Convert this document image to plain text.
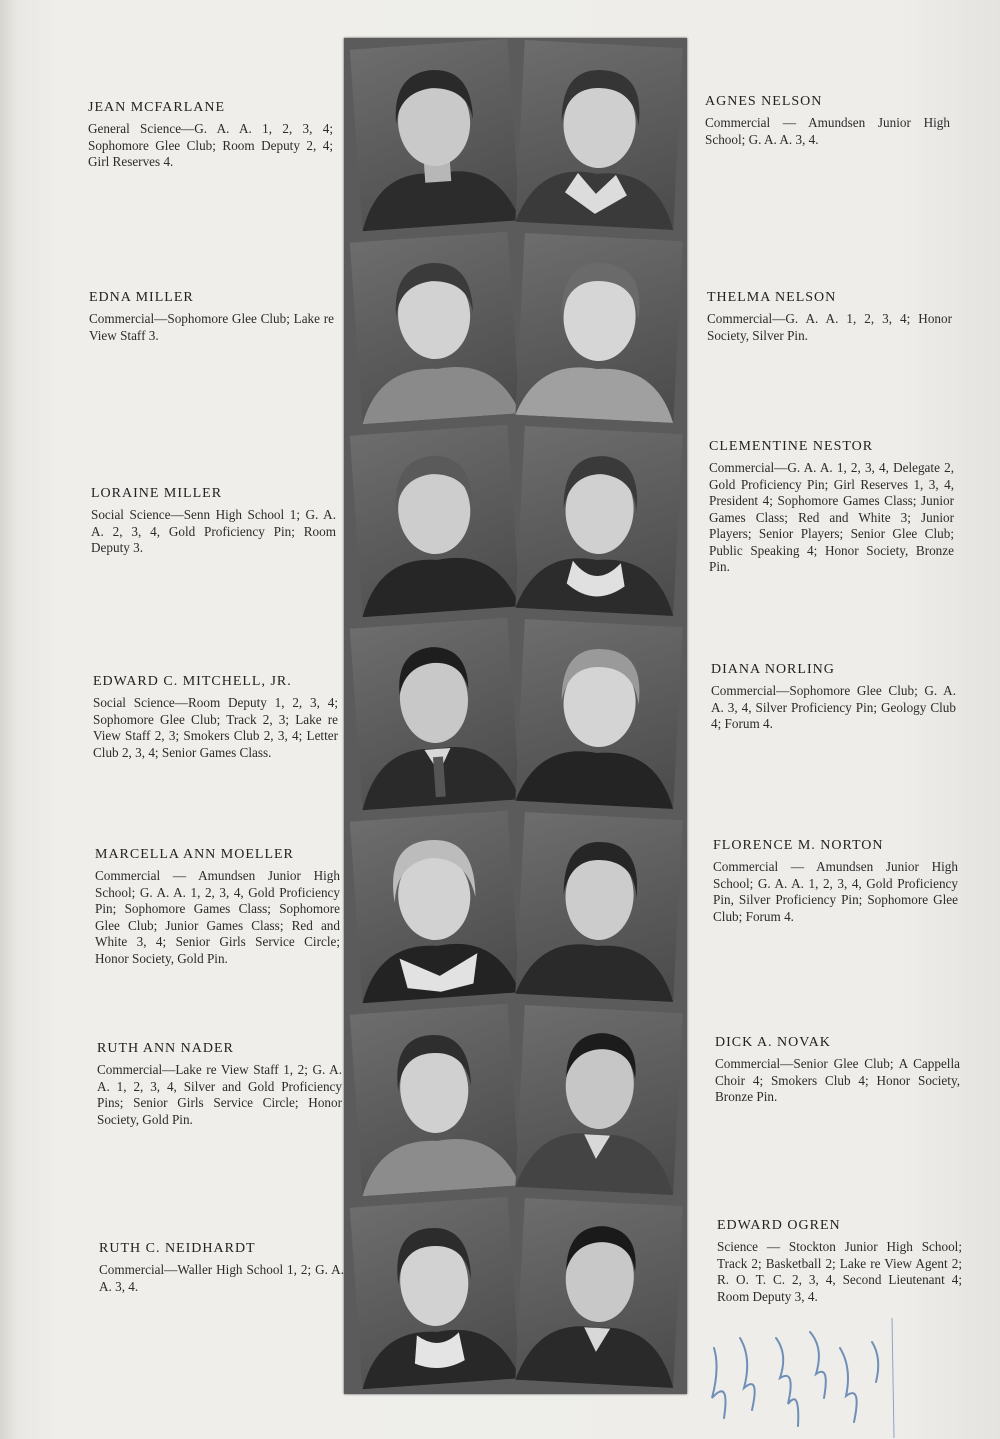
JEAN MCFARLANE

General Science—G. A. A. 1, 2, 3, 4; Sophomore Glee Club; Room Deputy 2, 4; Girl Reserves 4.

EDNA MILLER

Commercial—Sophomore Glee Club; Lake re View Staff 3.

LORAINE MILLER

Social Science—Senn High School 1; G. A. A. 2, 3, 4, Gold Proficiency Pin; Room Deputy 3.

EDWARD C. MITCHELL, JR.

Social Science—Room Deputy 1, 2, 3, 4; Sophomore Glee Club; Track 2, 3; Lake re View Staff 2, 3; Smokers Club 2, 3, 4; Letter Club 2, 3, 4; Senior Games Class.

MARCELLA ANN MOELLER

Commercial — Amundsen Junior High School; G. A. A. 1, 2, 3, 4, Gold Proficiency Pin; Sophomore Games Class; Sophomore Glee Club; Junior Games Class; Red and White 3, 4; Senior Girls Service Circle; Honor Society, Gold Pin.

RUTH ANN NADER

Commercial—Lake re View Staff 1, 2; G. A. A. 1, 2, 3, 4, Silver and Gold Proficiency Pins; Senior Girls Service Circle; Honor Society, Gold Pin.

RUTH C. NEIDHARDT

Commercial—Waller High School 1, 2; G. A. A. 3, 4.

AGNES NELSON

Commercial — Amundsen Junior High School; G. A. A. 3, 4.

THELMA NELSON

Commercial—G. A. A. 1, 2, 3, 4; Honor Society, Silver Pin.

CLEMENTINE NESTOR

Commercial—G. A. A. 1, 2, 3, 4, Delegate 2, Gold Proficiency Pin; Girl Reserves 1, 3, 4, President 4; Sophomore Games Class; Junior Games Class; Red and White 3; Junior Players; Senior Players; Senior Glee Club; Public Speaking 4; Honor Society, Bronze Pin.

DIANA NORLING

Commercial—Sophomore Glee Club; G. A. A. 3, 4, Silver Proficiency Pin; Geology Club 4; Forum 4.

FLORENCE M. NORTON

Commercial — Amundsen Junior High School; G. A. A. 1, 2, 3, 4, Gold Proficiency Pin, Silver Proficiency Pin; Sophomore Glee Club; Forum 4.

DICK A. NOVAK

Commercial—Senior Glee Club; A Cappella Choir 4; Smokers Club 4; Honor Society, Bronze Pin.

EDWARD OGREN

Science — Stockton Junior High School; Track 2; Basketball 2; Lake re View Agent 2; R. O. T. C. 2, 3, 4, Second Lieutenant 4; Room Deputy 3, 4.
